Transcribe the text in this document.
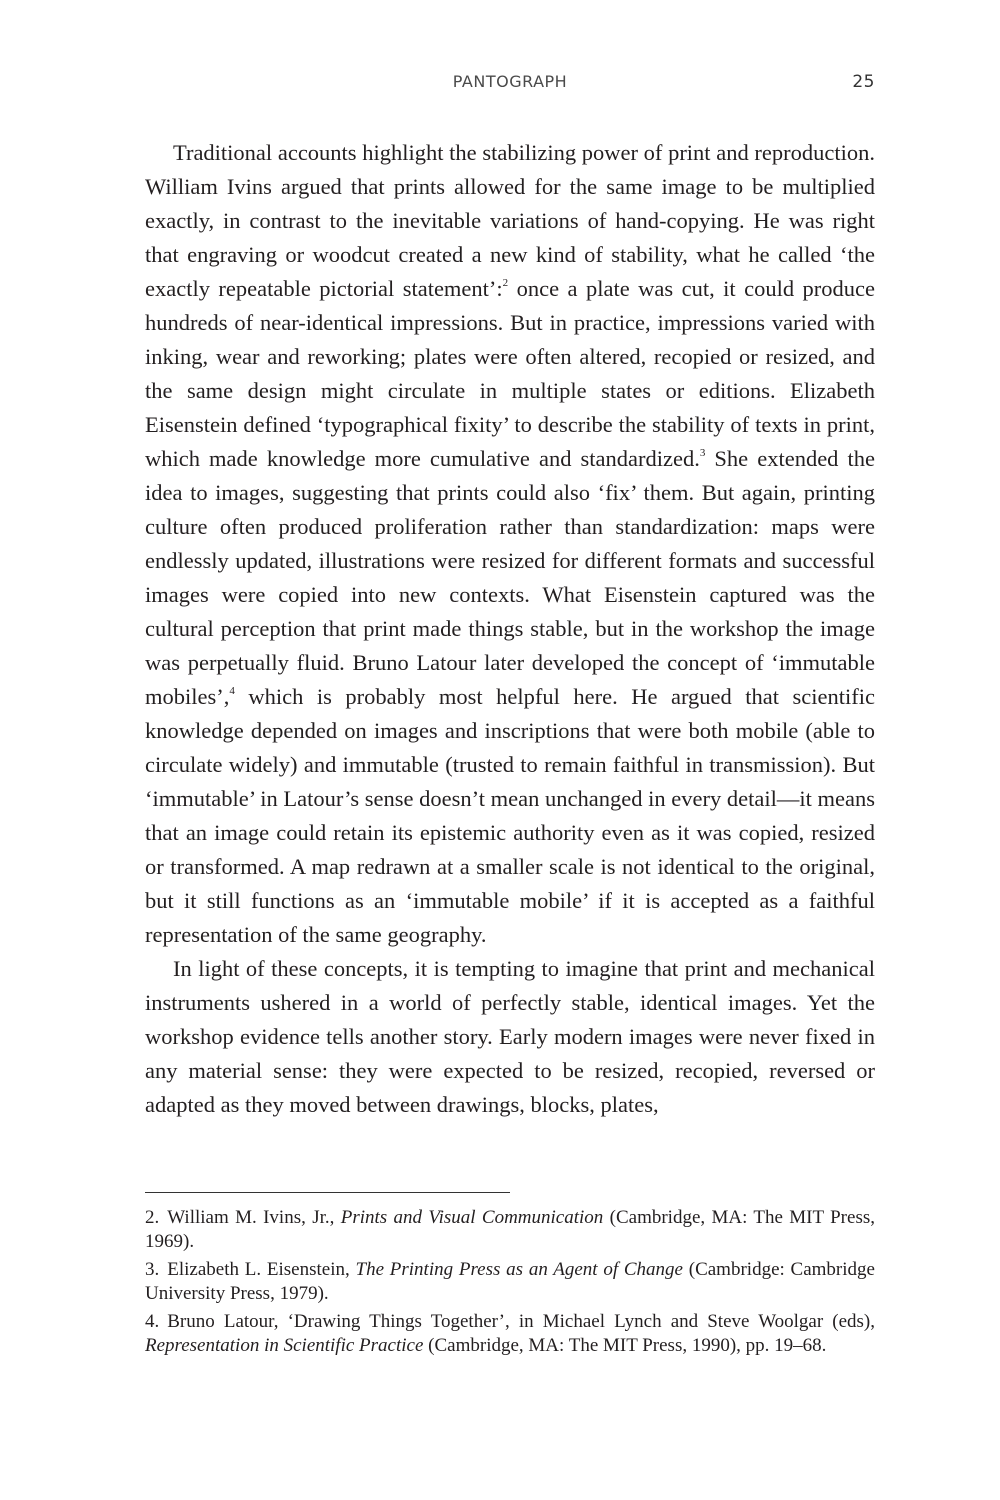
PANTOGRAPH	25

Traditional accounts highlight the stabilizing power of print and reproduction. William Ivins argued that prints allowed for the same image to be multiplied exactly, in contrast to the inevitable variations of hand-copying. He was right that engraving or woodcut created a new kind of stability, what he called ‘the exactly repeatable pictorial statement’:$^2$ once a plate was cut, it could produce hundreds of near-identical impressions. But in practice, impressions varied with inking, wear and reworking; plates were often altered, recopied or resized, and the same design might circulate in multiple states or editions. Elizabeth Eisenstein defined ‘typographical fixity’ to describe the stability of texts in print, which made knowledge more cumulative and standardized.$^3$ She extended the idea to images, suggesting that prints could also ‘fix’ them. But again, printing culture often produced proliferation rather than standardization: maps were endlessly updated, illustrations were resized for different formats and successful images were copied into new contexts. What Eisenstein captured was the cultural perception that print made things stable, but in the workshop the image was perpetually fluid. Bruno Latour later developed the concept of ‘immutable mobiles’,$^4$ which is probably most helpful here. He argued that scientific knowledge depended on images and inscriptions that were both mobile (able to circulate widely) and immutable (trusted to remain faithful in transmission). But ‘immutable’ in Latour’s sense doesn’t mean unchanged in every detail—it means that an image could retain its epistemic authority even as it was copied, resized or transformed. A map redrawn at a smaller scale is not identical to the original, but it still functions as an ‘immutable mobile’ if it is accepted as a faithful representation of the same geography.

In light of these concepts, it is tempting to imagine that print and mechanical instruments ushered in a world of perfectly stable, identical images. Yet the workshop evidence tells another story. Early modern images were never fixed in any material sense: they were expected to be resized, recopied, reversed or adapted as they moved between drawings, blocks, plates,

2. William M. Ivins, Jr., Prints and Visual Communication (Cambridge, MA: The MIT Press, 1969).

3. Elizabeth L. Eisenstein, The Printing Press as an Agent of Change (Cambridge: Cambridge University Press, 1979).

4. Bruno Latour, ‘Drawing Things Together’, in Michael Lynch and Steve Woolgar (eds), Representation in Scientific Practice (Cambridge, MA: The MIT Press, 1990), pp. 19–68.
